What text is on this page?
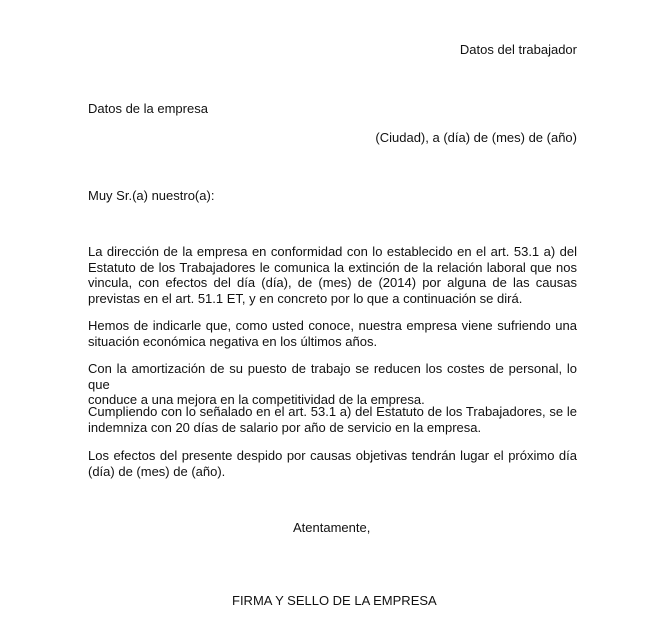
Datos del trabajador
Datos de la empresa
(Ciudad), a (día) de (mes) de (año)
Muy Sr.(a) nuestro(a):
La dirección de la empresa en conformidad con lo establecido en el art. 53.1 a) del
Estatuto de los Trabajadores le comunica la extinción de la relación laboral que nos
vincula, con efectos del día (día), de (mes) de (2014) por alguna de las causas
previstas en el art. 51.1 ET, y en concreto por lo que a continuación se dirá.
Hemos de indicarle que, como usted conoce, nuestra empresa viene sufriendo una
situación económica negativa en los últimos años.
Con la amortización de su puesto de trabajo se reducen los costes de personal, lo que
conduce a una mejora en la competitividad de la empresa.
Cumpliendo con lo señalado en el art. 53.1 a) del Estatuto de los Trabajadores, se le
indemniza con 20 días de salario por año de servicio en la empresa.
Los efectos del presente despido por causas objetivas tendrán lugar el próximo día
(día) de (mes) de (año).
Atentamente,
FIRMA Y SELLO DE LA EMPRESA
